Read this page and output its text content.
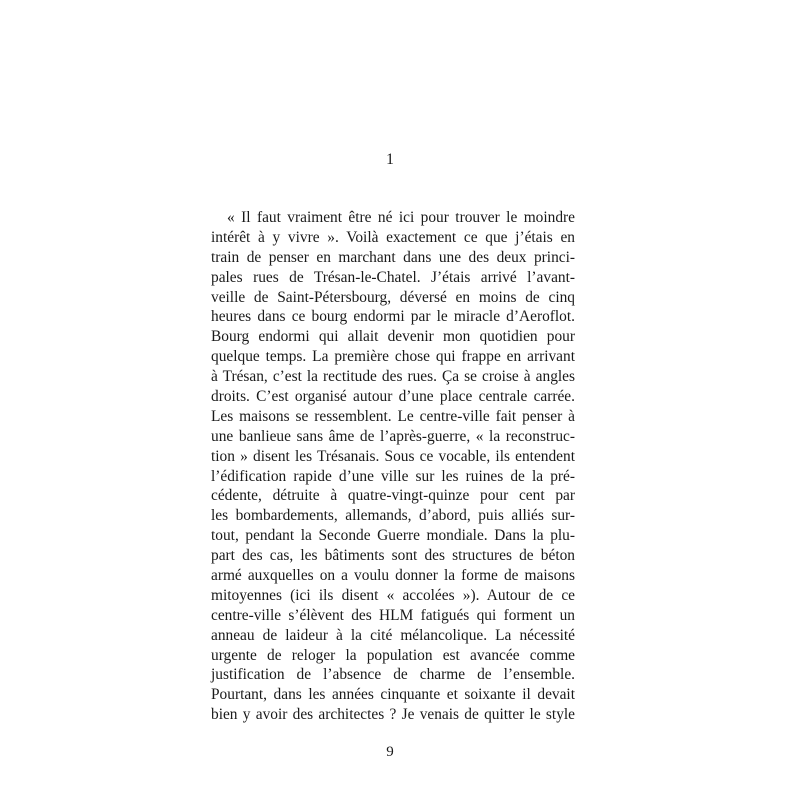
1
« Il faut vraiment être né ici pour trouver le moindre
intérêt à y vivre ». Voilà exactement ce que j’étais en
train de penser en marchant dans une des deux princi-
pales rues de Trésan-le-Chatel. J’étais arrivé l’avant-
veille de Saint-Pétersbourg, déversé en moins de cinq
heures dans ce bourg endormi par le miracle d’Aeroflot.
Bourg endormi qui allait devenir mon quotidien pour
quelque temps. La première chose qui frappe en arrivant
à Trésan, c’est la rectitude des rues. Ça se croise à angles
droits. C’est organisé autour d’une place centrale carrée.
Les maisons se ressemblent. Le centre-ville fait penser à
une banlieue sans âme de l’après-guerre, « la reconstruc-
tion » disent les Trésanais. Sous ce vocable, ils entendent
l’édification rapide d’une ville sur les ruines de la pré-
cédente, détruite à quatre-vingt-quinze pour cent par
les bombardements, allemands, d’abord, puis alliés sur-
tout, pendant la Seconde Guerre mondiale. Dans la plu-
part des cas, les bâtiments sont des structures de béton
armé auxquelles on a voulu donner la forme de maisons
mitoyennes (ici ils disent « accolées »). Autour de ce
centre-ville s’élèvent des HLM fatigués qui forment un
anneau de laideur à la cité mélancolique. La nécessité
urgente de reloger la population est avancée comme
justification de l’absence de charme de l’ensemble.
Pourtant, dans les années cinquante et soixante il devait
bien y avoir des architectes ? Je venais de quitter le style
9
